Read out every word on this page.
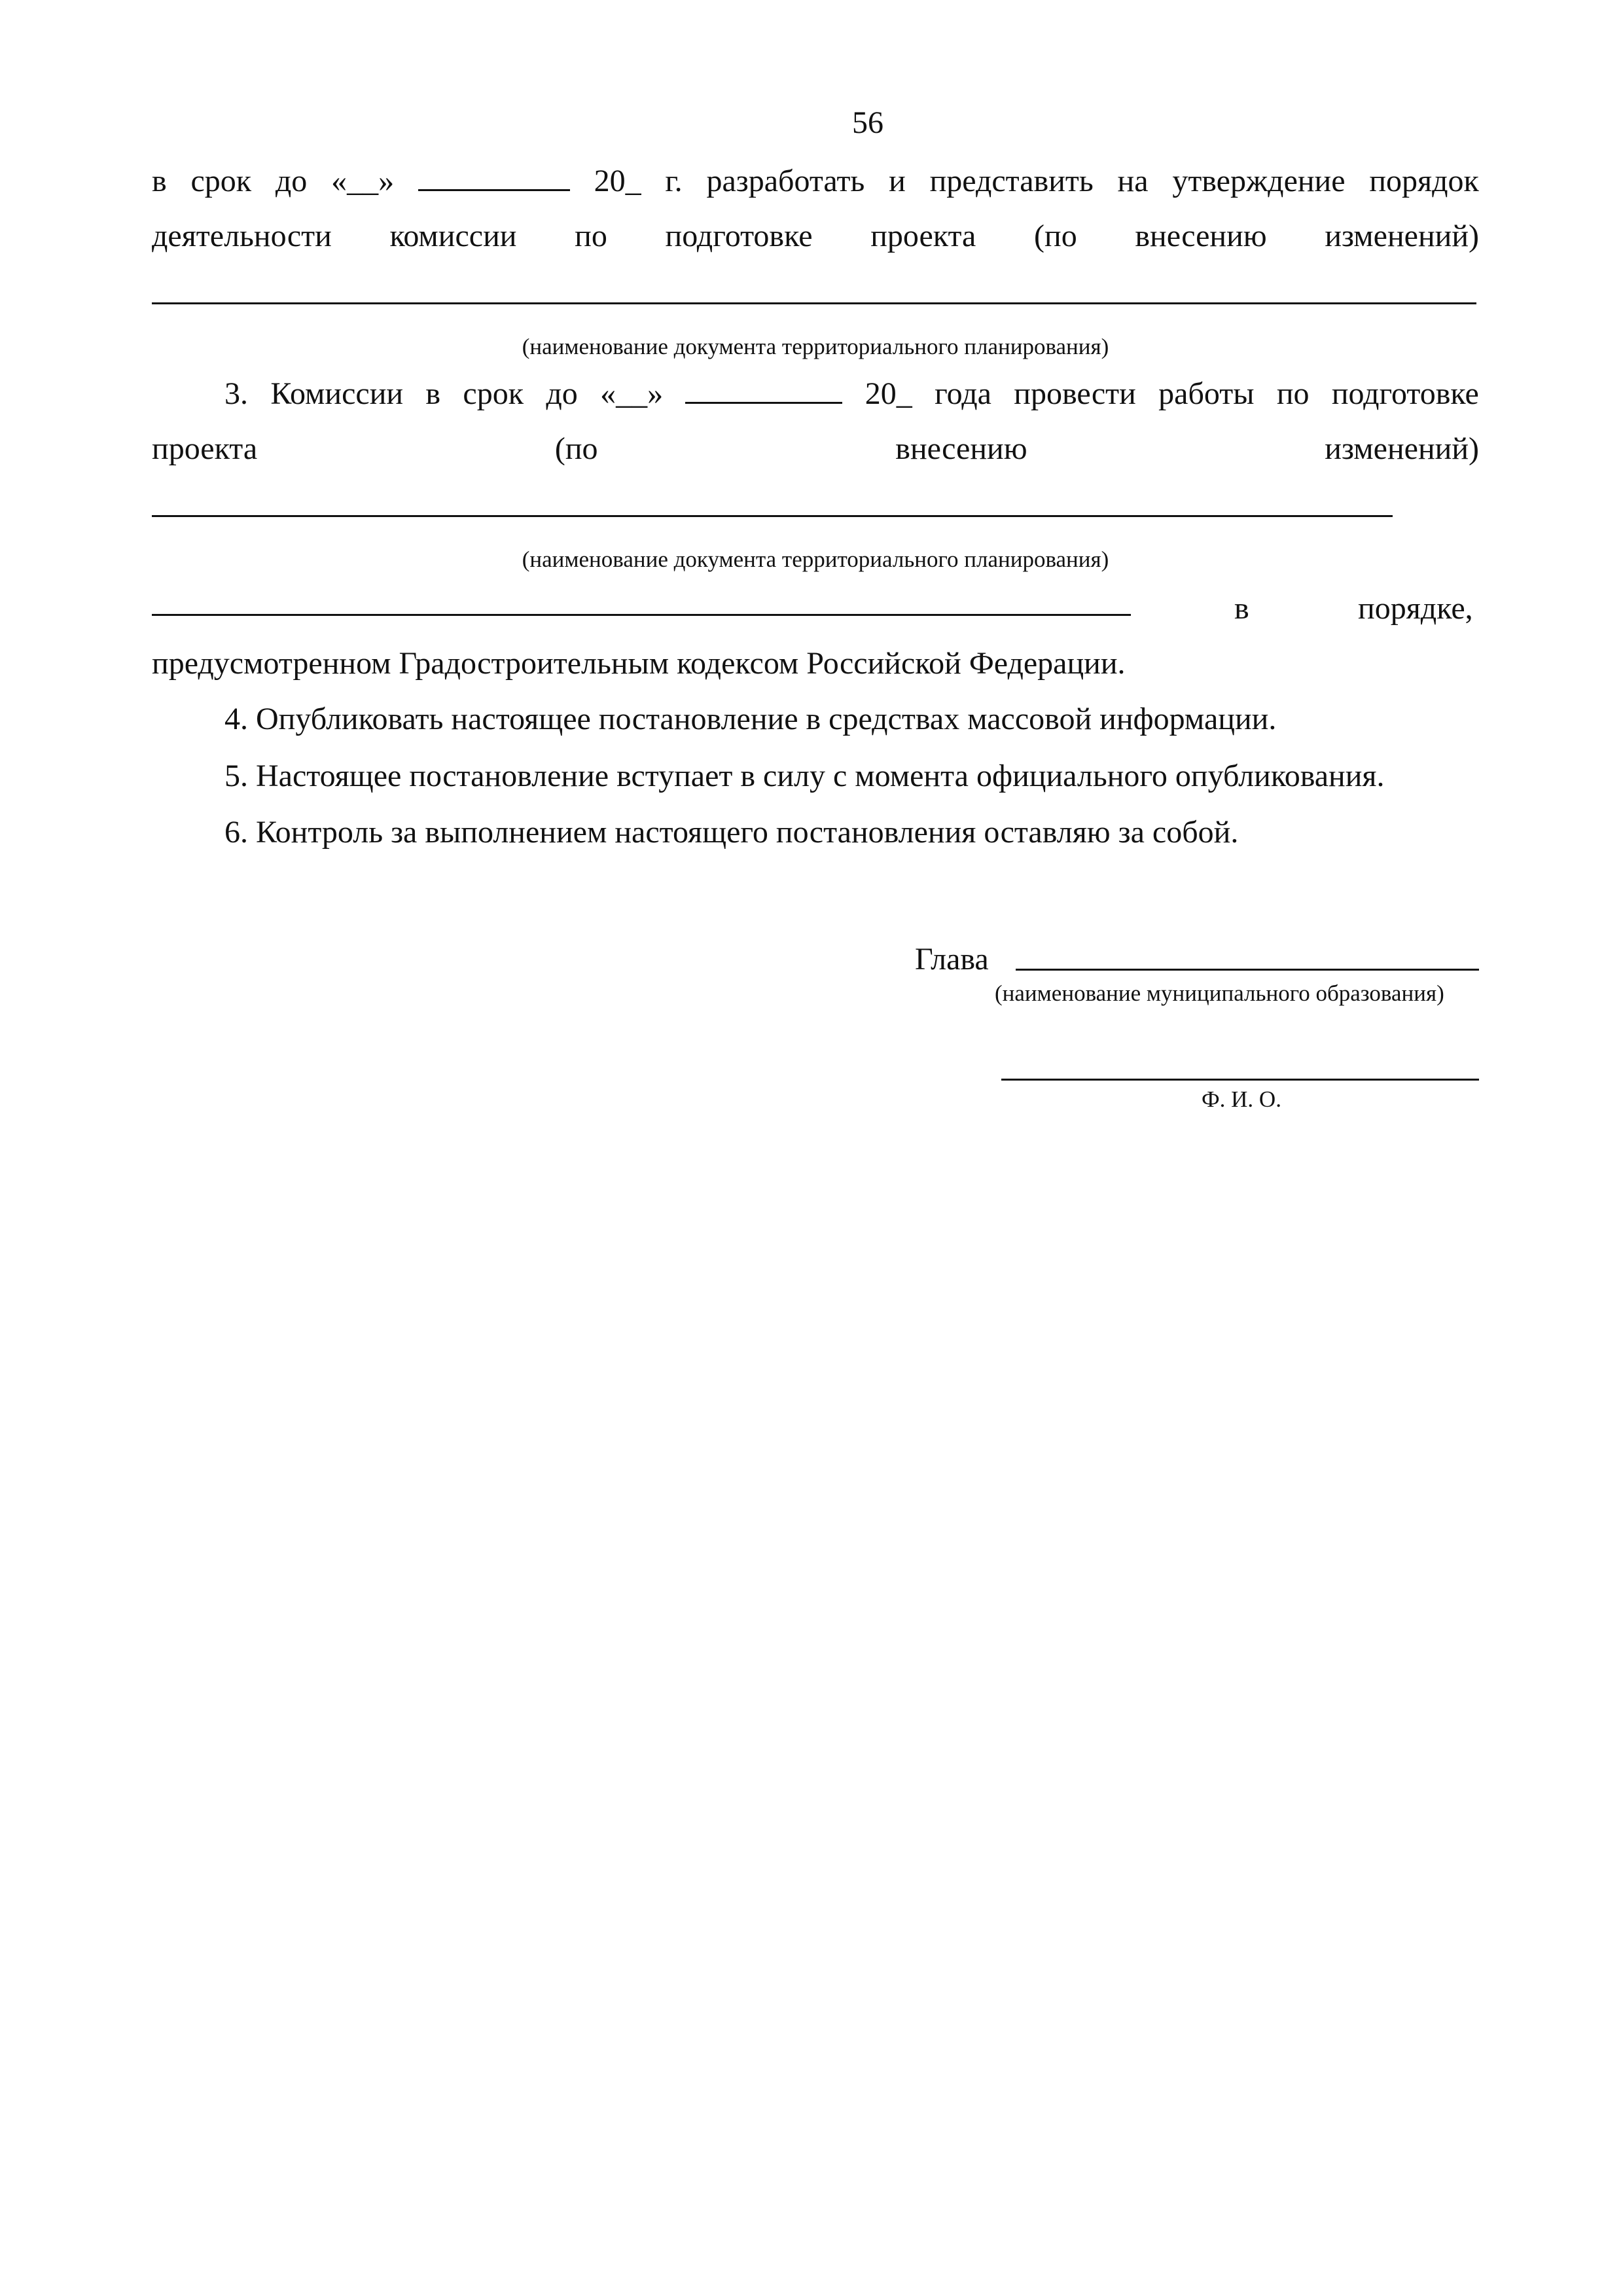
56
в срок до «__»	20_ г. разработать и представить на утверждение порядок
деятельности комиссии по подготовке проекта (по внесению изменений)
(наименование документа территориального планирования)
3. Комиссии в срок до «__»	20_ года провести работы по подготовке
проекта	(по	внесению	изменений)
(наименование документа территориального планирования)
в	порядке,
предусмотренном Градостроительным кодексом Российской Федерации.
4. Опубликовать настоящее постановление в средствах массовой информации.
5. Настоящее постановление вступает в силу с момента официального опубликования.
6. Контроль за выполнением настоящего постановления оставляю за собой.
Глава
(наименование муниципального образования)
Ф. И. О.
